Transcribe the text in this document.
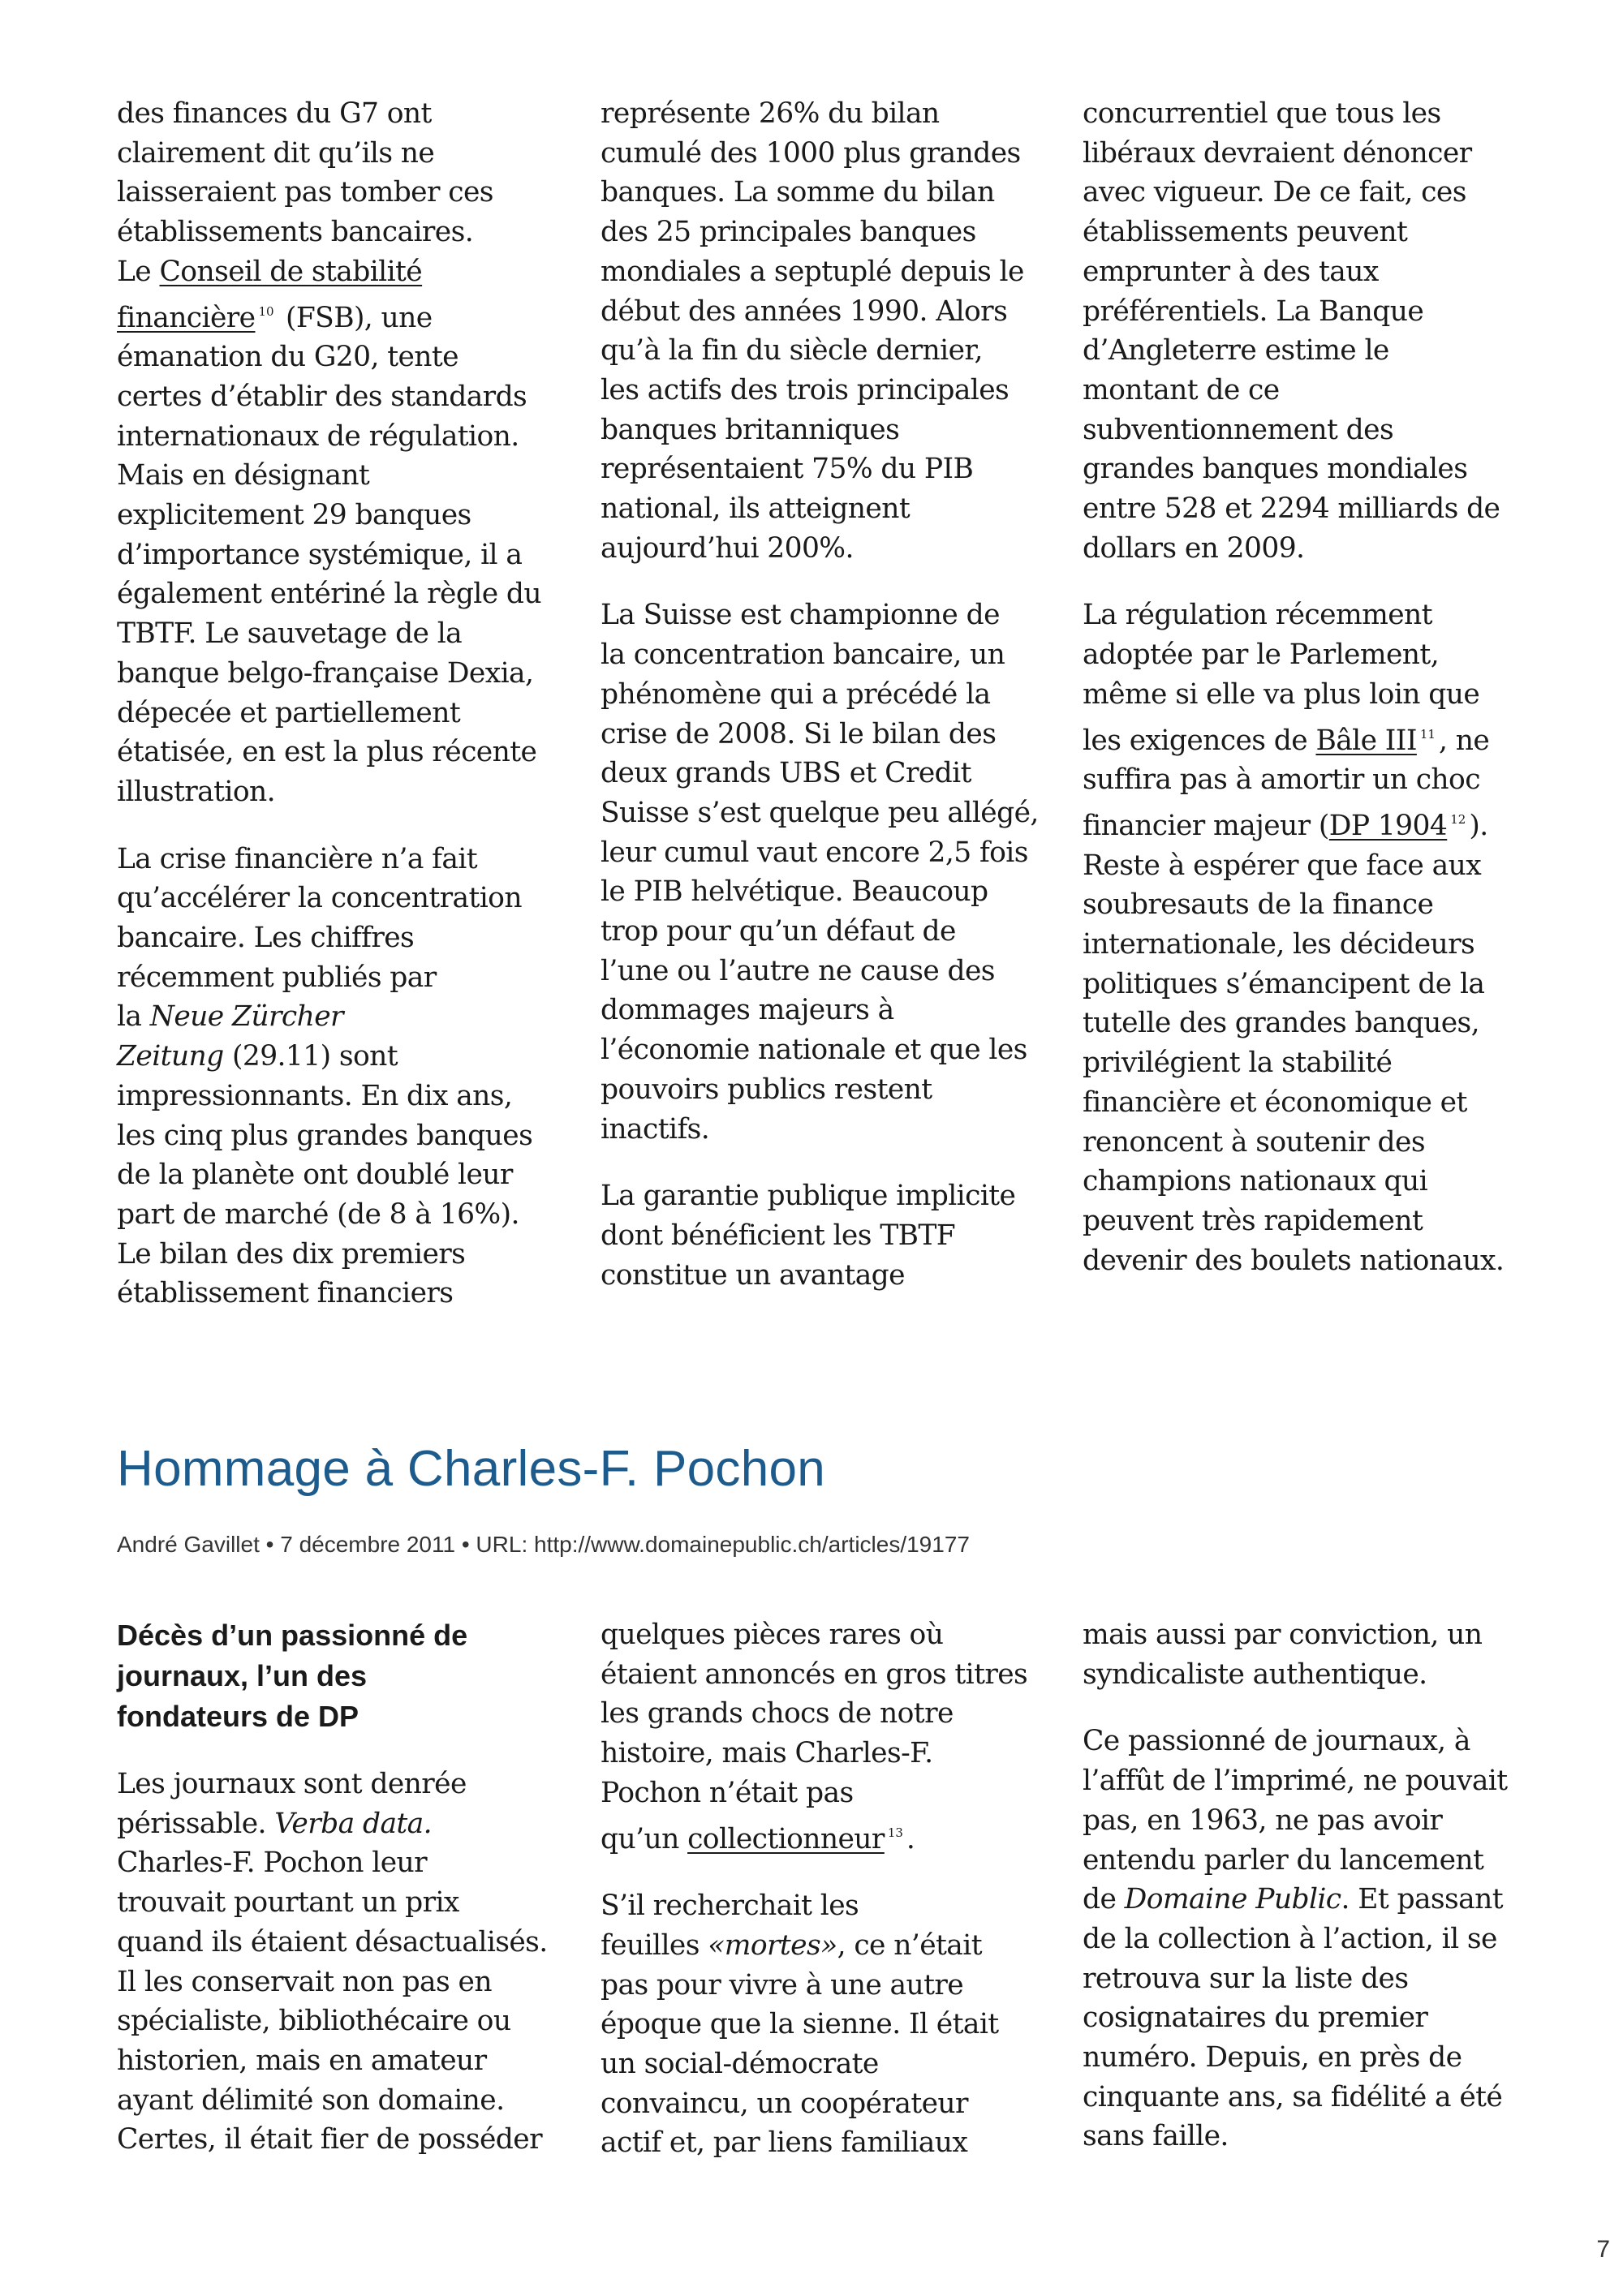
des finances du G7 ont
clairement dit qu’ils ne
laisseraient pas tomber ces
établissements bancaires.
Le Conseil de stabilité
financière $^{10}$ (FSB), une
émanation du G20, tente
certes d’établir des standards
internationaux de régulation.
Mais en désignant
explicitement 29 banques
d’importance systémique, il a
également entériné la règle du
TBTF. Le sauvetage de la
banque belgo-française Dexia,
dépecée et partiellement
étatisée, en est la plus récente
illustration.

La crise financière n’a fait
qu’accélérer la concentration
bancaire. Les chiffres
récemment publiés par
la Neue Zürcher
Zeitung (29.11) sont
impressionnants. En dix ans,
les cinq plus grandes banques
de la planète ont doublé leur
part de marché (de 8 à 16%).
Le bilan des dix premiers
établissement financiers

représente 26% du bilan
cumulé des 1000 plus grandes
banques. La somme du bilan
des 25 principales banques
mondiales a septuplé depuis le
début des années 1990. Alors
qu’à la fin du siècle dernier,
les actifs des trois principales
banques britanniques
représentaient 75% du PIB
national, ils atteignent
aujourd’hui 200%.

La Suisse est championne de
la concentration bancaire, un
phénomène qui a précédé la
crise de 2008. Si le bilan des
deux grands UBS et Credit
Suisse s’est quelque peu allégé,
leur cumul vaut encore 2,5 fois
le PIB helvétique. Beaucoup
trop pour qu’un défaut de
l’une ou l’autre ne cause des
dommages majeurs à
l’économie nationale et que les
pouvoirs publics restent
inactifs.

La garantie publique implicite
dont bénéficient les TBTF
constitue un avantage

concurrentiel que tous les
libéraux devraient dénoncer
avec vigueur. De ce fait, ces
établissements peuvent
emprunter à des taux
préférentiels. La Banque
d’Angleterre estime le
montant de ce
subventionnement des
grandes banques mondiales
entre 528 et 2294 milliards de
dollars en 2009.

La régulation récemment
adoptée par le Parlement,
même si elle va plus loin que
les exigences de Bâle III $^{11}$ , ne
suffira pas à amortir un choc
financier majeur (DP 1904 $^{12}$ ).
Reste à espérer que face aux
soubresauts de la finance
internationale, les décideurs
politiques s’émancipent de la
tutelle des grandes banques,
privilégient la stabilité
financière et économique et
renoncent à soutenir des
champions nationaux qui
peuvent très rapidement
devenir des boulets nationaux.

Hommage à Charles-F. Pochon

André Gavillet • 7 décembre 2011 • URL: http://www.domainepublic.ch/articles/19177

Décès d’un passionné de
journaux, l’un des
fondateurs de DP

Les journaux sont denrée
périssable. Verba data.
Charles-F. Pochon leur
trouvait pourtant un prix
quand ils étaient désactualisés.
Il les conservait non pas en
spécialiste, bibliothécaire ou
historien, mais en amateur
ayant délimité son domaine.
Certes, il était fier de posséder

quelques pièces rares où
étaient annoncés en gros titres
les grands chocs de notre
histoire, mais Charles-F.
Pochon n’était pas
qu’un collectionneur $^{13}$ .

S’il recherchait les
feuilles «mortes», ce n’était
pas pour vivre à une autre
époque que la sienne. Il était
un social-démocrate
convaincu, un coopérateur
actif et, par liens familiaux

mais aussi par conviction, un
syndicaliste authentique.

Ce passionné de journaux, à
l’affût de l’imprimé, ne pouvait
pas, en 1963, ne pas avoir
entendu parler du lancement
de Domaine Public. Et passant
de la collection à l’action, il se
retrouva sur la liste des
cosignataires du premier
numéro. Depuis, en près de
cinquante ans, sa fidélité a été
sans faille.

7
